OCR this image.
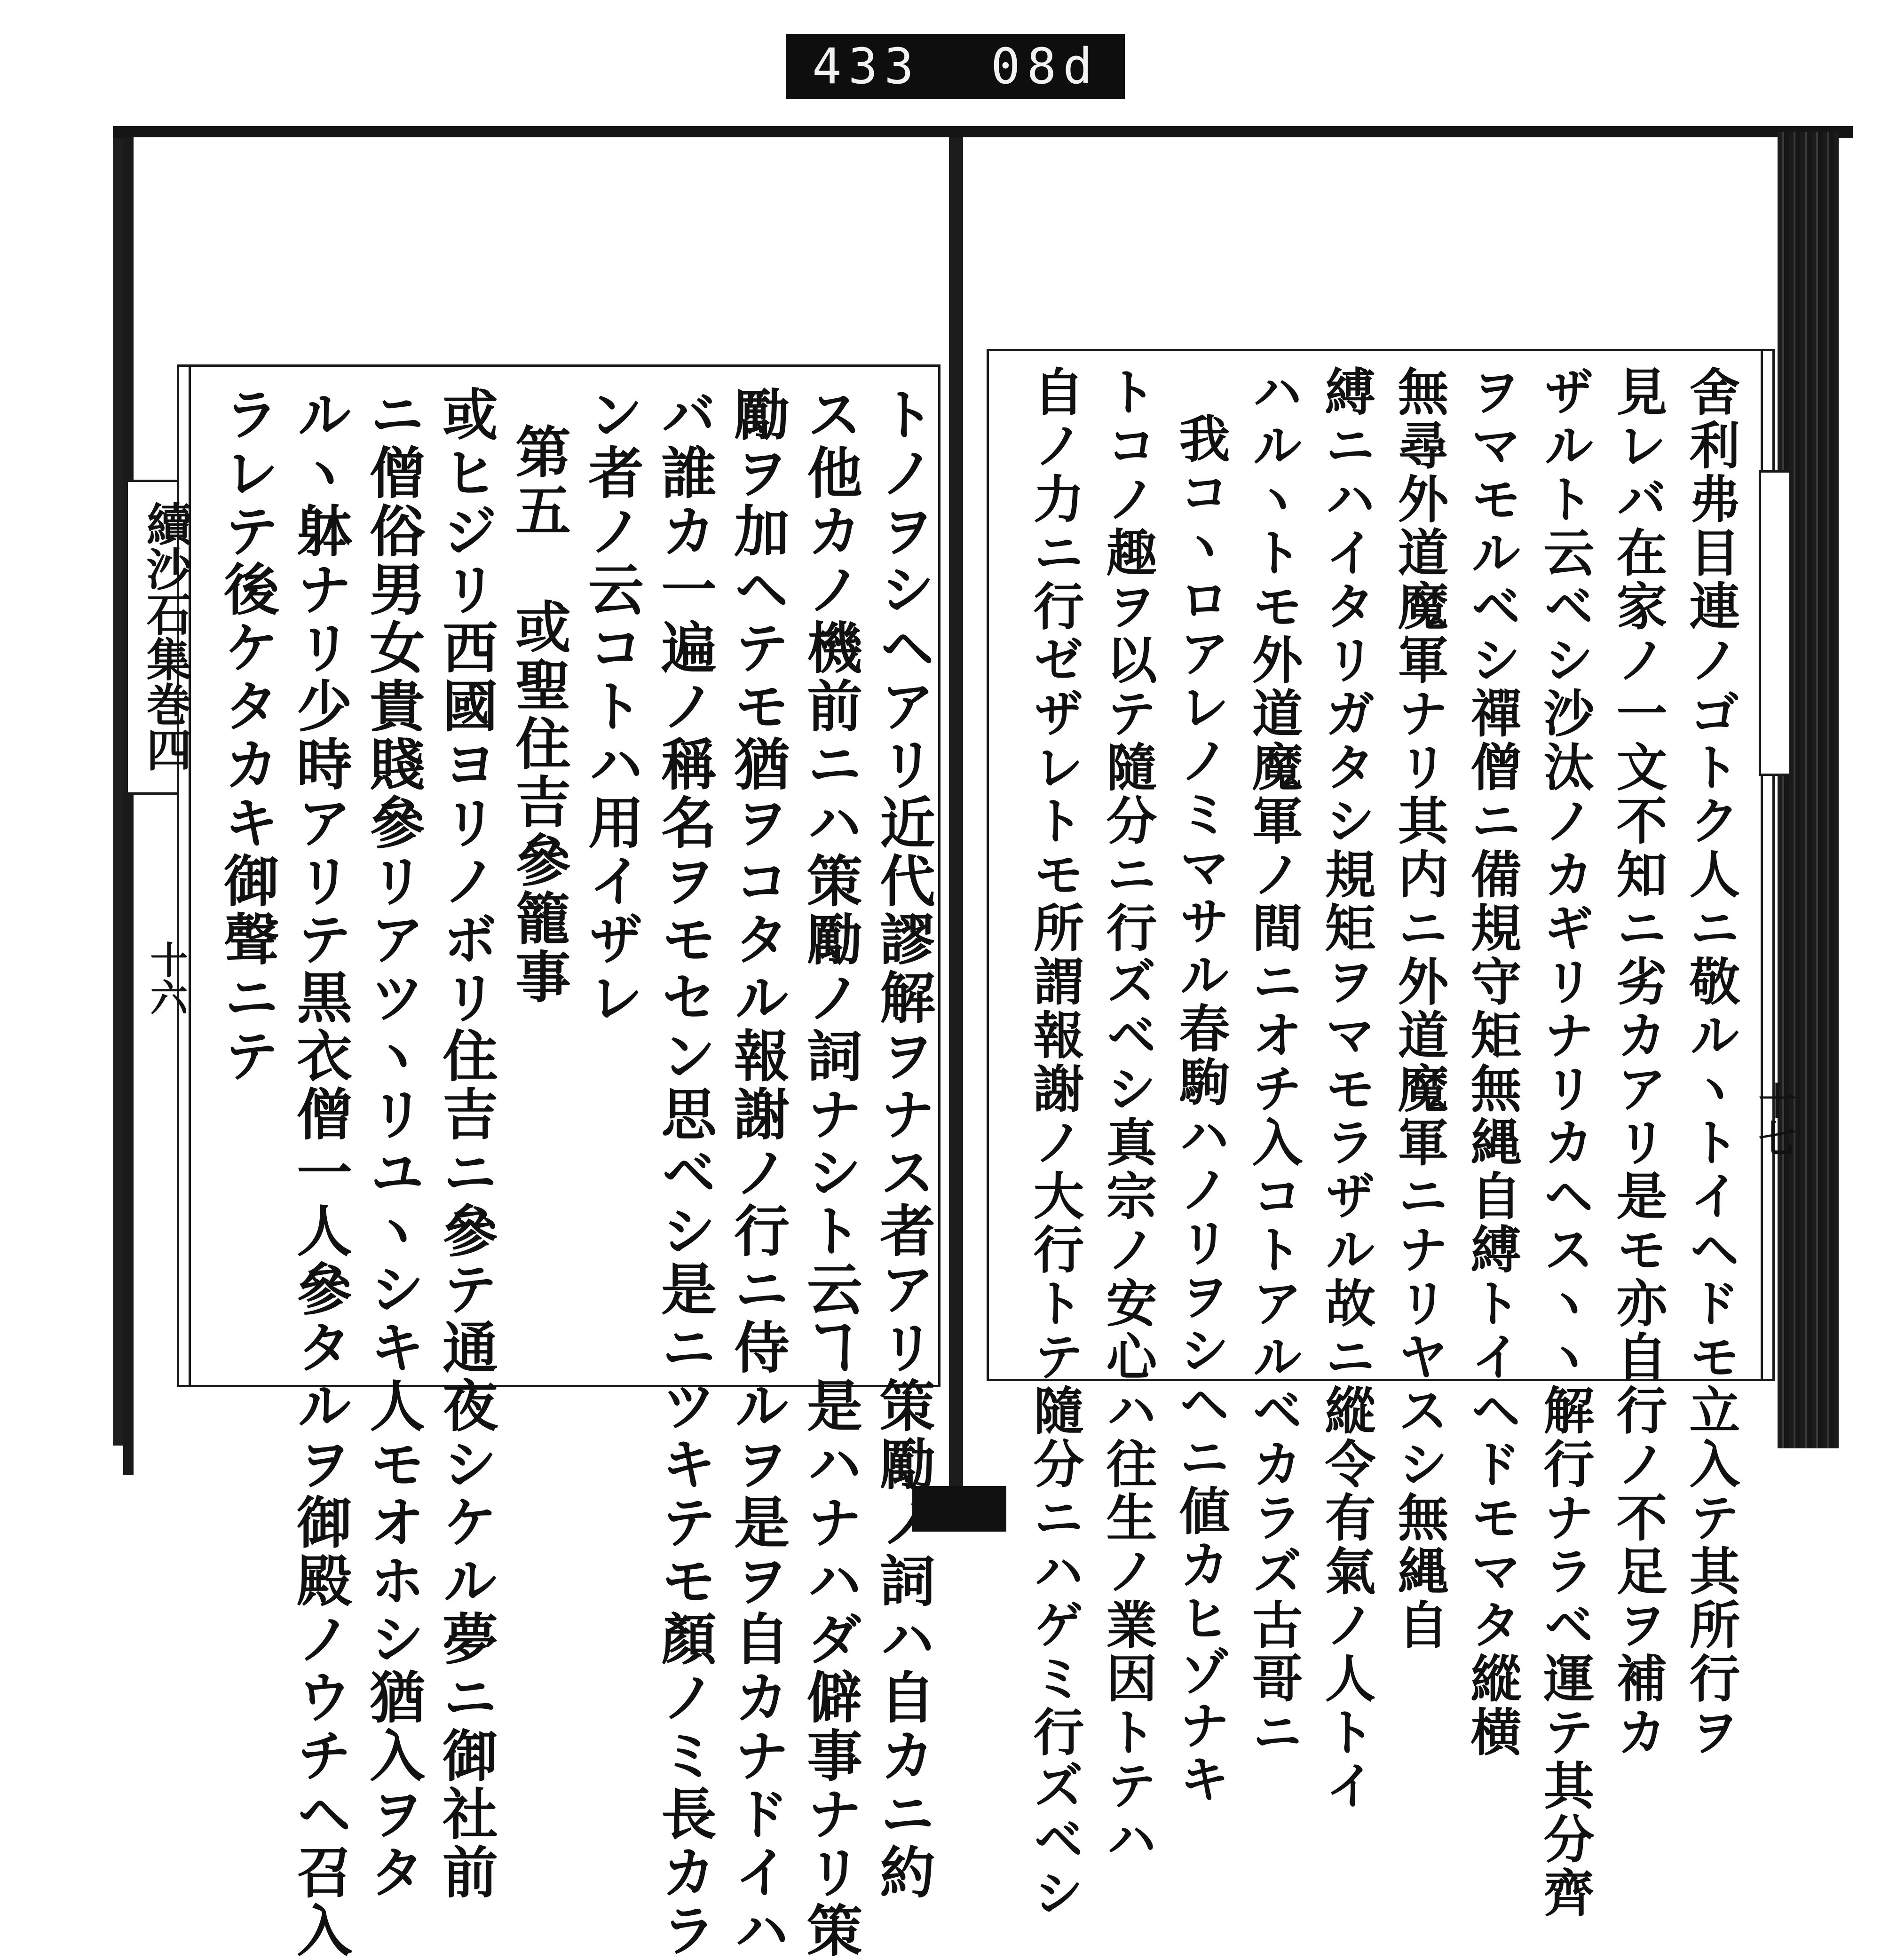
433 08d
トノヲシヘアリ近代謬解ヲナス者アリ策勵ノ詞ハ自カニ約
ス他カノ機前ニハ策勵ノ詞ナシト云ヿ是ハナハダ僻事ナリ策
勵ヲ加ヘテモ猶ヲコタル報謝ノ行ニ侍ルヲ是ヲ自カナドイハ
バ誰カ一遍ノ稱名ヲモセン思ベシ是ニツキテモ顏ノミ長カラ
ン者ノ云コトハ用イザレ
第五　或聖住吉參籠事
或ヒジリ西國ヨリノボリ住吉ニ參テ通夜シケル夢ニ御社前
ニ僧俗男女貴賤參リアツヽリユヽシキ人モオホシ猶入ヲタ
ルヽ躰ナリ少時アリテ黒衣僧一人參タルヲ御殿ノウチヘ召入
ラレテ後ケタカキ御聲ニテ
續沙石集巻四
十六	舍利弗目連ノゴトク人ニ敬ルヽトイヘドモ立入テ其所行ヲ
見レバ在家ノ一文不知ニ劣カアリ是モ亦自行ノ不足ヲ補カ
ザルト云ベシ沙汰ノカギリナリカヘスヽヽ解行ナラベ運テ其分齊
ヲマモルベシ禪僧ニ備規守矩無縄自縛トイヘドモマタ縱横
無尋外道魔軍ナリ其内ニ外道魔軍ニナリヤスシ無縄自
縛ニハイタリガタシ規矩ヲマモラザル故ニ縱令有氣ノ人トイ
ハルヽトモ外道魔軍ノ間ニオチ入コトアルベカラズ古哥ニ
我コヽロアレノミマサル春駒ハノリヲシヘニ値カヒゾナキ
トコノ趣ヲ以テ隨分ニ行ズベシ真宗ノ安心ハ往生ノ業因トテハ
自ノ力ニ行ゼザレトモ所謂報謝ノ大行トテ隨分ニハゲミ行ズベシ	十七
